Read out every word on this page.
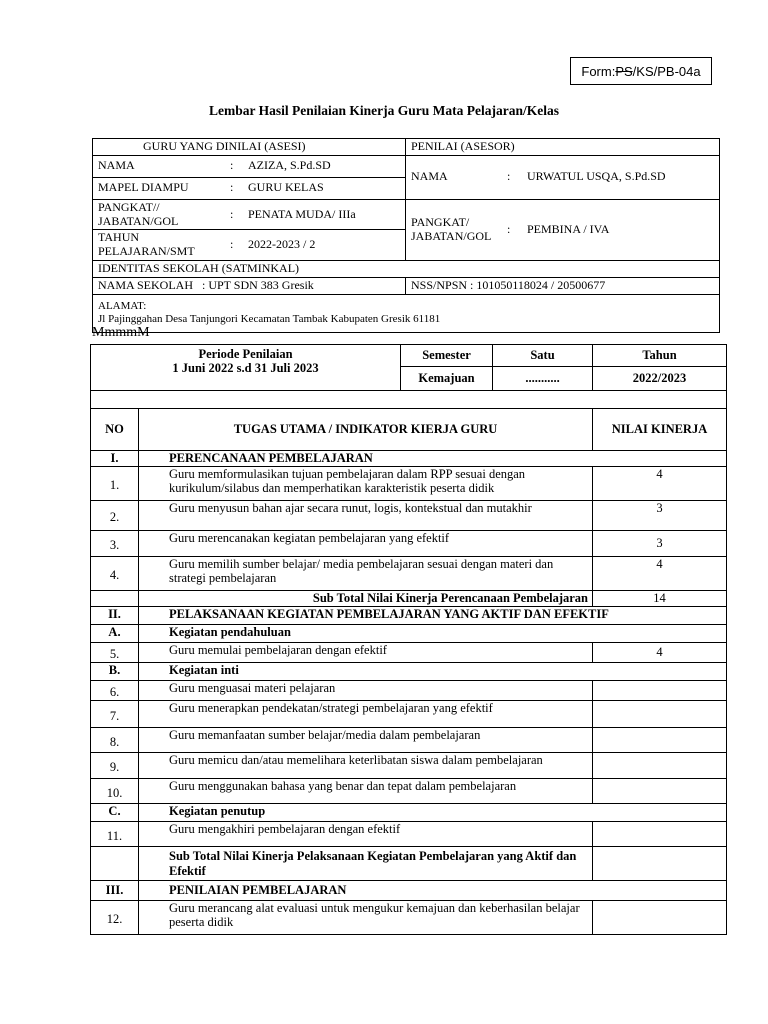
Form: PS /KS/PB-04a
Lembar Hasil Penilaian Kinerja Guru Mata Pelajaran/Kelas
GURU YANG DINILAI (ASESI)	PENILAI (ASESOR)

NAMA : AZIZA, S.Pd.SD	NAMA : URWATUL USQA, S.Pd.SD

MAPEL DIAMPU : GURU KELAS	

PANGKAT// JABATAN/GOL : PENATA MUDA/ IIIa	PANGKAT/ JABATAN/GOL : PEMBINA / IVA

TAHUN PELAJARAN/SMT : 2022-2023 / 2	

IDENTITAS SEKOLAH (SATMINKAL)	
NAMA SEKOLAH   : UPT SDN 383 Gresik	NSS/NPSN : 101050118024 / 20500677

ALAMAT:
Jl Pajinggahan Desa Tanjungori Kecamatan Tambak Kabupaten Gresik 61181	
MmmmM
Periode Penilaian
1 Juni 2022 s.d 31 Juli 2023		Semester	Satu	Tahun
		Kemajuan	...........	2022/2023

NO	TUGAS UTAMA / INDIKATOR KIERJA GURU			NILAI KINERJA
I.	PERENCANAAN PEMBELAJARAN			
1.	Guru memformulasikan tujuan pembelajaran dalam RPP sesuai dengan kurikulum/silabus dan memperhatikan karakteristik peserta didik			4
2.	Guru menyusun bahan ajar secara runut, logis, kontekstual dan mutakhir			3
3.	Guru merencanakan kegiatan pembelajaran yang efektif			3
4.	Guru memilih sumber belajar/ media pembelajaran sesuai dengan materi dan strategi pembelajaran			4
	Sub Total Nilai Kinerja Perencanaan Pembelajaran			14
II.	PELAKSANAAN KEGIATAN PEMBELAJARAN YANG AKTIF DAN EFEKTIF			
A.	Kegiatan pendahuluan			
5.	Guru memulai pembelajaran dengan efektif			4
B.	Kegiatan inti			
6.	Guru menguasai materi pelajaran			
7.	Guru menerapkan pendekatan/strategi pembelajaran yang efektif			
8.	Guru memanfaatan sumber belajar/media dalam pembelajaran			
9.	Guru memicu dan/atau memelihara keterlibatan siswa dalam pembelajaran			
10.	Guru menggunakan bahasa yang benar dan tepat dalam pembelajaran			
C.	Kegiatan penutup			
11.	Guru mengakhiri pembelajaran dengan efektif			
	Sub Total Nilai Kinerja Pelaksanaan Kegiatan Pembelajaran yang Aktif dan Efektif			
III.	PENILAIAN PEMBELAJARAN			
12.	Guru merancang alat evaluasi untuk mengukur kemajuan dan keberhasilan belajar peserta didik			
